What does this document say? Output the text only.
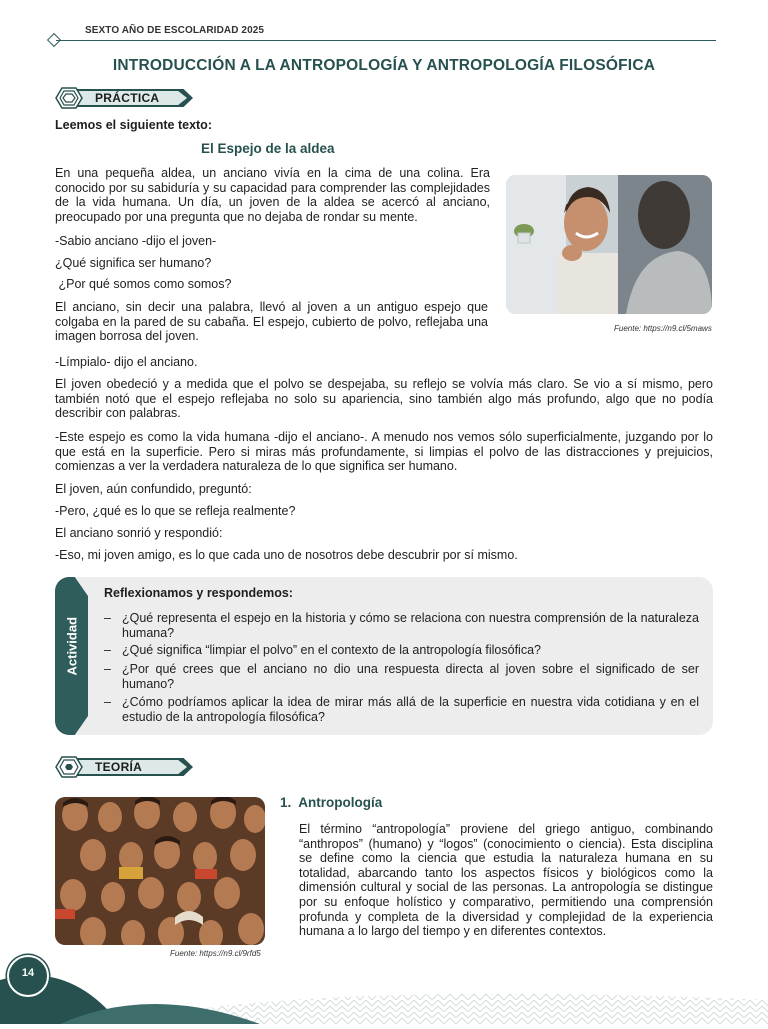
SEXTO AÑO DE ESCOLARIDAD 2025
INTRODUCCIÓN A LA ANTROPOLOGÍA Y ANTROPOLOGÍA FILOSÓFICA
PRÁCTICA
Leemos el siguiente texto:
El Espejo de la aldea

En una pequeña aldea, un anciano vivía en la cima de una colina. Era conocido por su sabiduría y su capacidad para comprender las complejidades de la vida humana. Un día, un joven de la aldea se acercó al anciano, preocupado por una pregunta que no dejaba de rondar su mente.

-Sabio anciano -dijo el joven-

¿Qué significa ser humano?

¿Por qué somos como somos?

El anciano, sin decir una palabra, llevó al joven a un antiguo espejo que colgaba en la pared de su cabaña. El espejo, cubierto de polvo, reflejaba una imagen borrosa del joven.

-Límpialo- dijo el anciano.

El joven obedeció y a medida que el polvo se despejaba, su reflejo se volvía más claro. Se vio a sí mismo, pero también notó que el espejo reflejaba no solo su apariencia, sino también algo más profundo, algo que no podía describir con palabras.

-Este espejo es como la vida humana -dijo el anciano-. A menudo nos vemos sólo superficialmente, juzgando por lo que está en la superficie. Pero si miras más profundamente, si limpias el polvo de las distracciones y prejuicios, comienzas a ver la verdadera naturaleza de lo que significa ser humano.

El joven, aún confundido, preguntó:

-Pero, ¿qué es lo que se refleja realmente?

El anciano sonrió y respondió:

-Eso, mi joven amigo, es lo que cada uno de nosotros debe descubrir por sí mismo.

Fuente: https://n9.cl/5maws
Reflexionamos y respondemos:
– ¿Qué representa el espejo en la historia y cómo se relaciona con nuestra comprensión de la naturaleza humana?
– ¿Qué significa “limpiar el polvo” en el contexto de la antropología filosófica?
– ¿Por qué crees que el anciano no dio una respuesta directa al joven sobre el significado de ser humano?
– ¿Cómo podríamos aplicar la idea de mirar más allá de la superficie en nuestra vida cotidiana y en el estudio de la antropología filosófica?
TEORÍA
Fuente: https://n9.cl/9rfd5
1.  Antropología

El término “antropología” proviene del griego antiguo, combinando “anthropos” (humano) y “logos” (conocimiento o ciencia). Esta disciplina se define como la ciencia que estudia la naturaleza humana en su totalidad, abarcando tanto los aspectos físicos y biológicos como la dimensión cultural y social de las personas. La antropología se distingue por su enfoque holístico y comparativo, permitiendo una comprensión profunda y completa de la diversidad y complejidad de la experiencia humana a lo largo del tiempo y en diferentes contextos.

14
